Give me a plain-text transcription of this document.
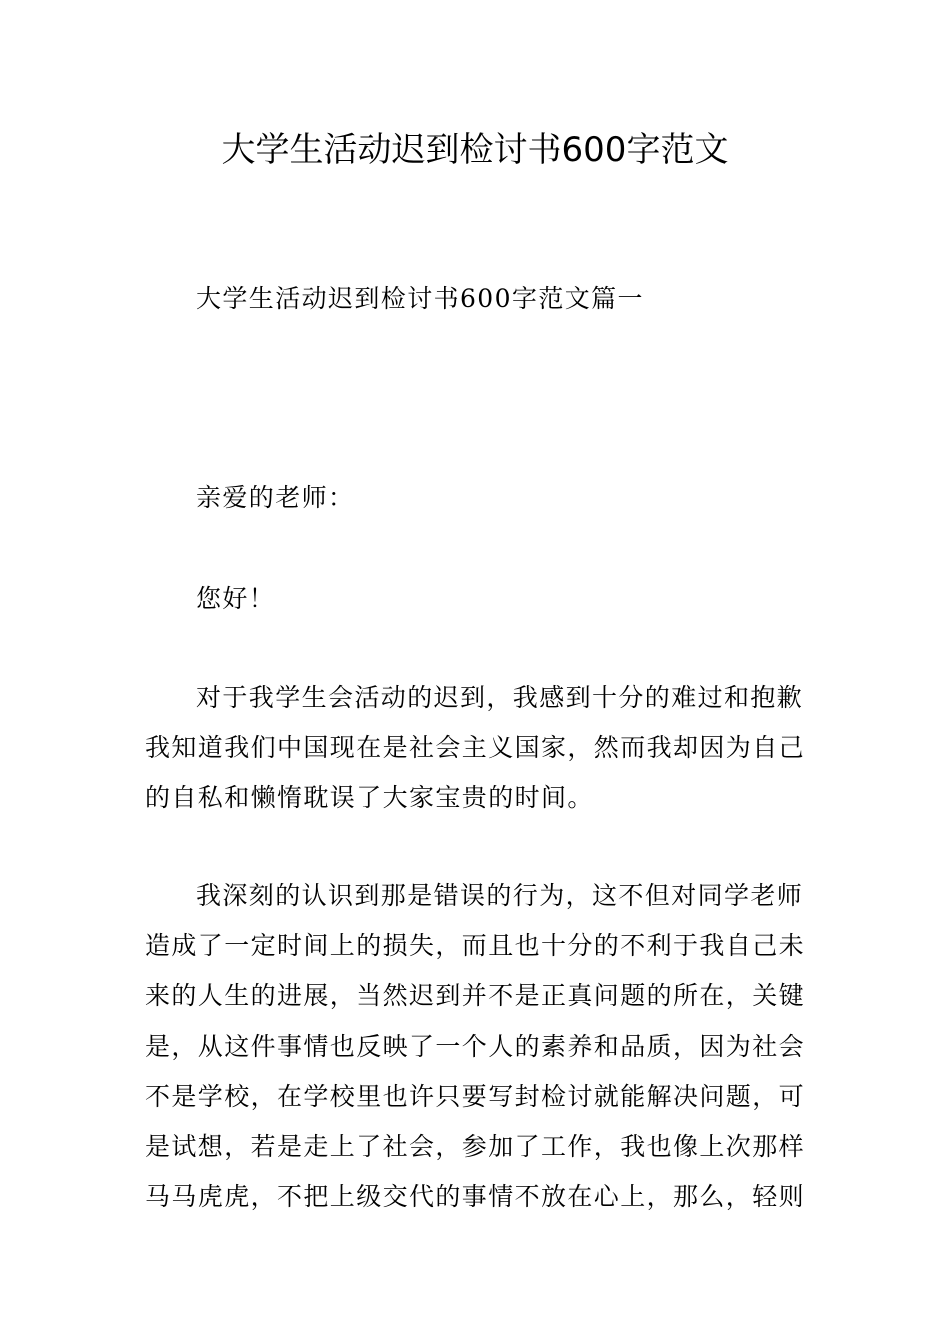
大学生活动迟到检讨书600字范文
大学生活动迟到检讨书600字范文篇一
亲爱的老师：
您好！
对于我学生会活动的迟到，我感到十分的难过和抱歉
我知道我们中国现在是社会主义国家，然而我却因为自己
的自私和懒惰耽误了大家宝贵的时间。
我深刻的认识到那是错误的行为，这不但对同学老师
造成了一定时间上的损失，而且也十分的不利于我自己未
来的人生的进展，当然迟到并不是正真问题的所在，关键
是，从这件事情也反映了一个人的素养和品质，因为社会
不是学校，在学校里也许只要写封检讨就能解决问题，可
是试想，若是走上了社会，参加了工作，我也像上次那样
马马虎虎，不把上级交代的事情不放在心上，那么，轻则
